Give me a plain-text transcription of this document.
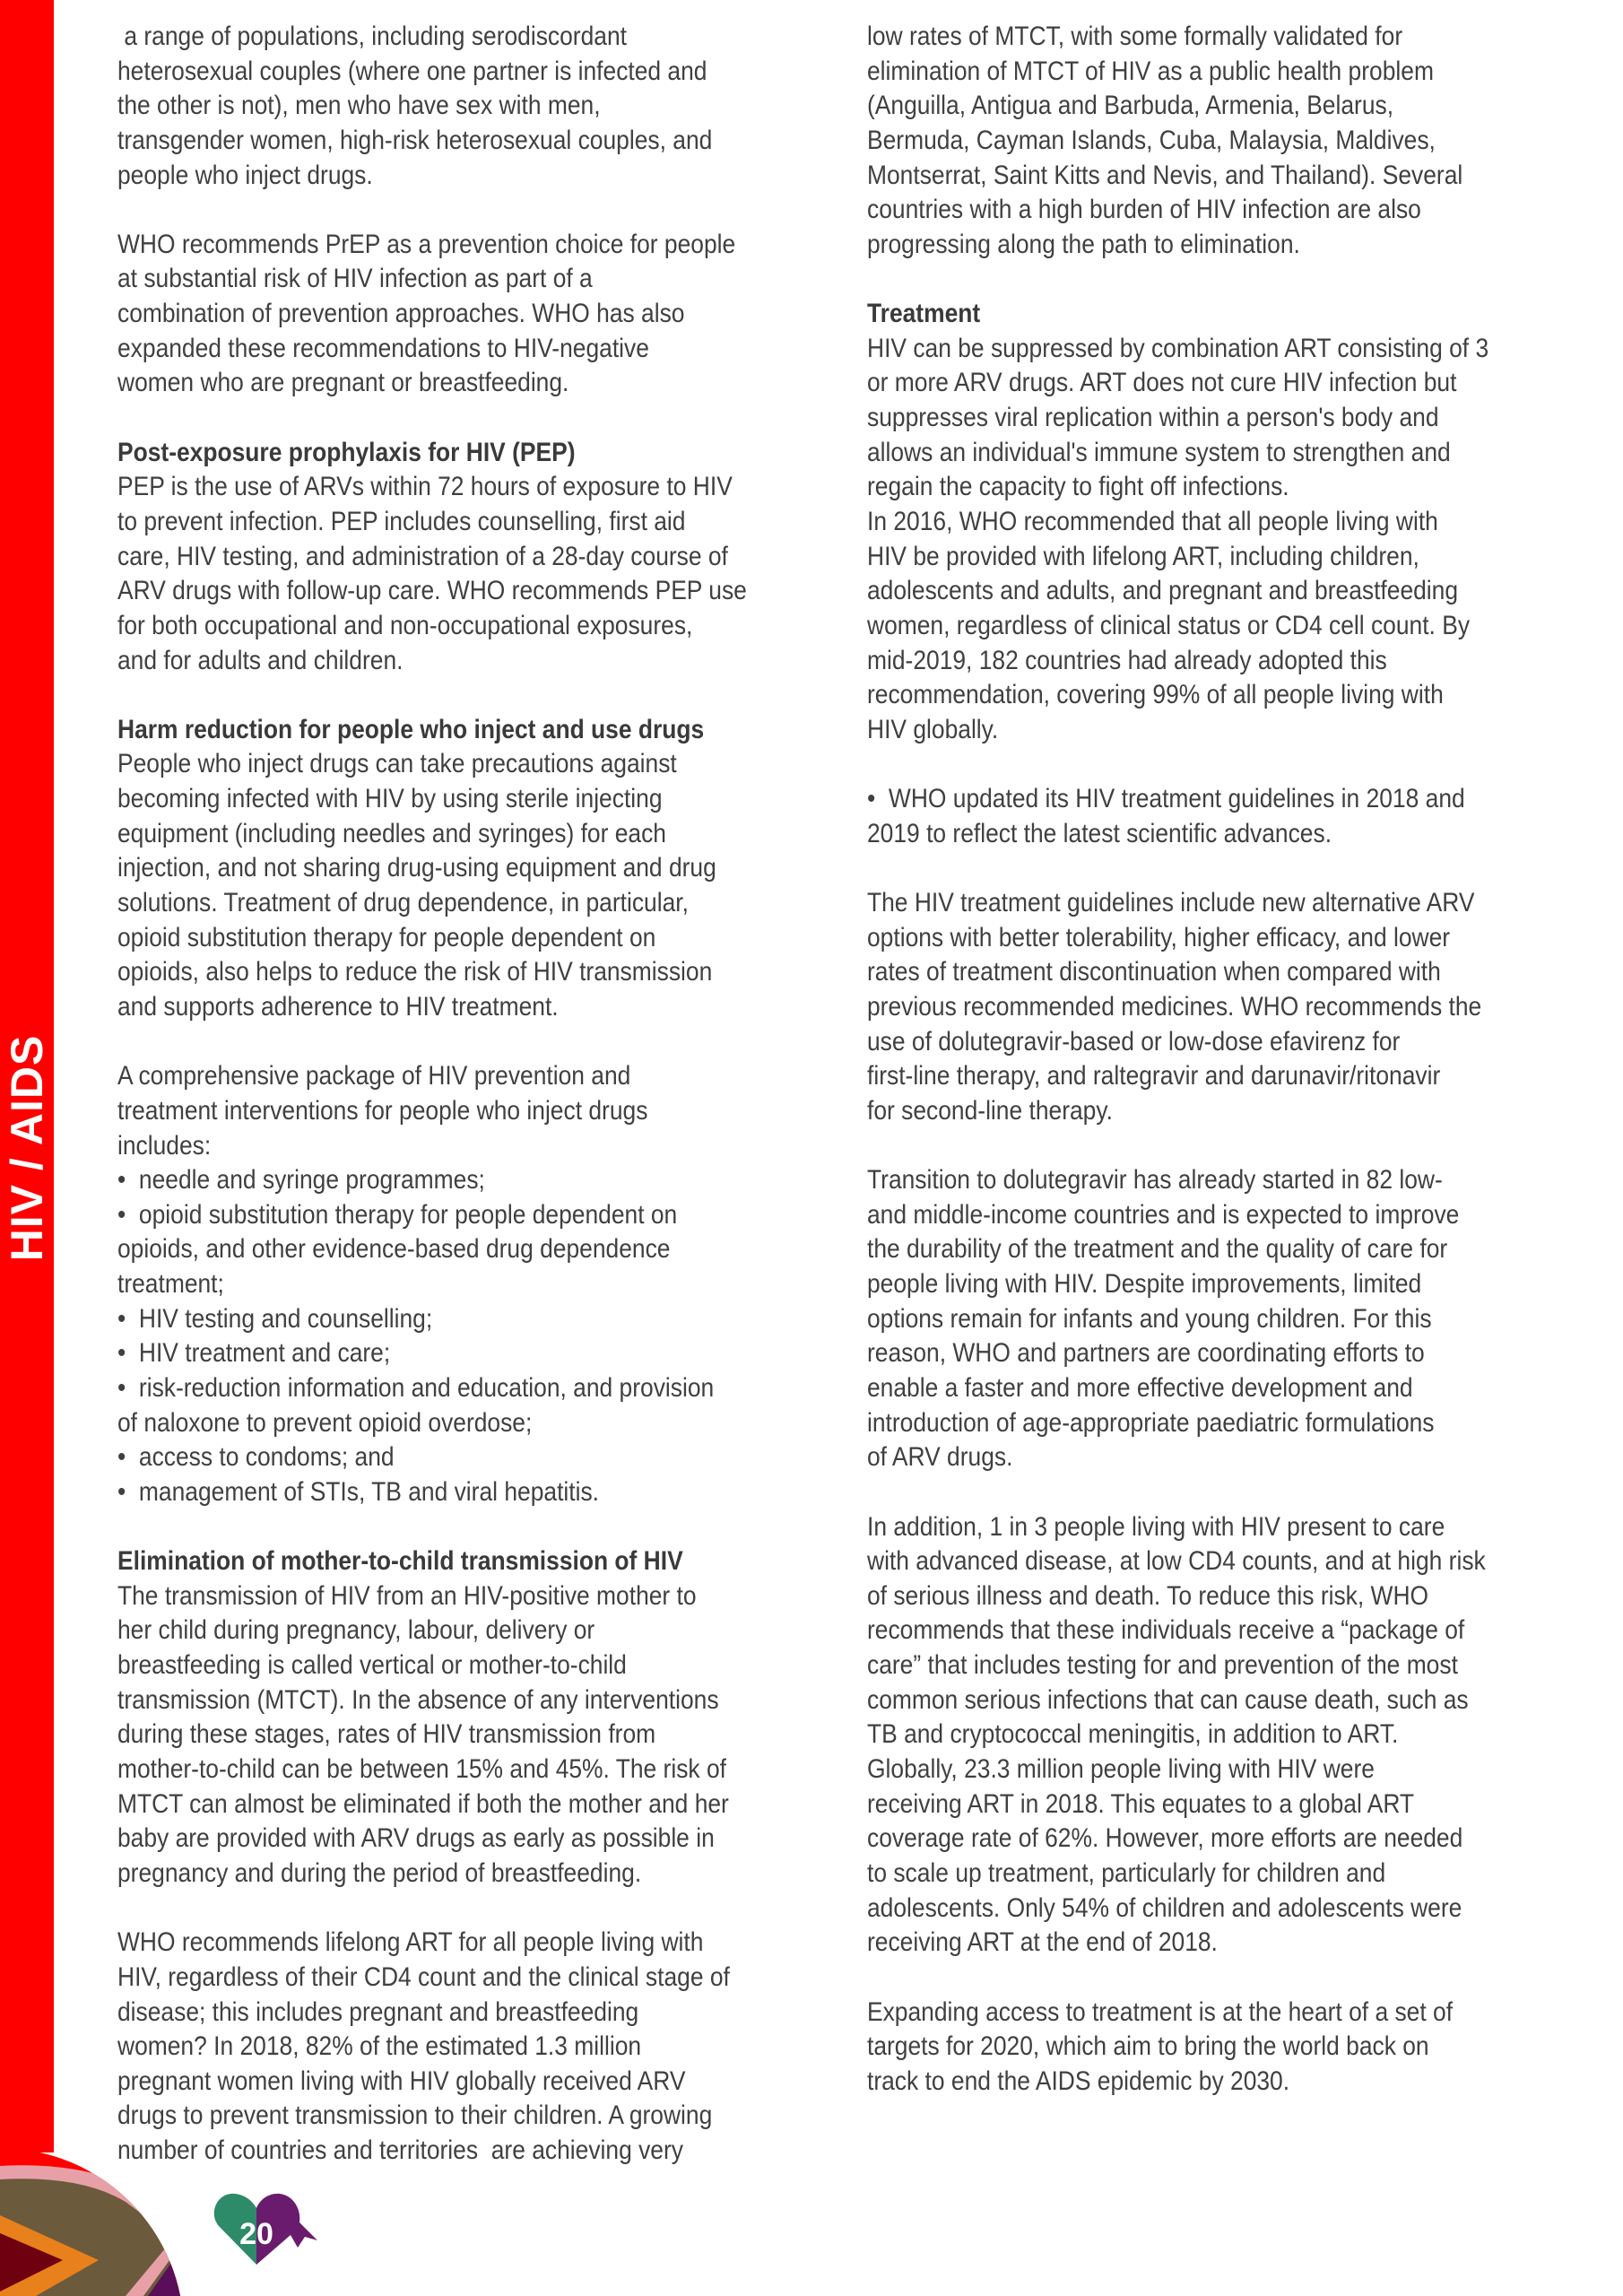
HIV / AIDS
a range of populations, including serodiscordant
heterosexual couples (where one partner is infected and
the other is not), men who have sex with men,
transgender women, high-risk heterosexual couples, and
people who inject drugs.
WHO recommends PrEP as a prevention choice for people
at substantial risk of HIV infection as part of a
combination of prevention approaches. WHO has also
expanded these recommendations to HIV-negative
women who are pregnant or breastfeeding.
Post-exposure prophylaxis for HIV (PEP)
PEP is the use of ARVs within 72 hours of exposure to HIV
to prevent infection. PEP includes counselling, first aid
care, HIV testing, and administration of a 28-day course of
ARV drugs with follow-up care. WHO recommends PEP use
for both occupational and non-occupational exposures,
and for adults and children.
Harm reduction for people who inject and use drugs
People who inject drugs can take precautions against
becoming infected with HIV by using sterile injecting
equipment (including needles and syringes) for each
injection, and not sharing drug-using equipment and drug
solutions. Treatment of drug dependence, in particular,
opioid substitution therapy for people dependent on
opioids, also helps to reduce the risk of HIV transmission
and supports adherence to HIV treatment.
A comprehensive package of HIV prevention and
treatment interventions for people who inject drugs
includes:
•  needle and syringe programmes;
•  opioid substitution therapy for people dependent on
opioids, and other evidence-based drug dependence
treatment;
•  HIV testing and counselling;
•  HIV treatment and care;
•  risk-reduction information and education, and provision
of naloxone to prevent opioid overdose;
•  access to condoms; and
•  management of STIs, TB and viral hepatitis.
Elimination of mother-to-child transmission of HIV
The transmission of HIV from an HIV-positive mother to
her child during pregnancy, labour, delivery or
breastfeeding is called vertical or mother-to-child
transmission (MTCT). In the absence of any interventions
during these stages, rates of HIV transmission from
mother-to-child can be between 15% and 45%. The risk of
MTCT can almost be eliminated if both the mother and her
baby are provided with ARV drugs as early as possible in
pregnancy and during the period of breastfeeding.
WHO recommends lifelong ART for all people living with
HIV, regardless of their CD4 count and the clinical stage of
disease; this includes pregnant and breastfeeding
women? In 2018, 82% of the estimated 1.3 million
pregnant women living with HIV globally received ARV
drugs to prevent transmission to their children. A growing
number of countries and territories  are achieving very
low rates of MTCT, with some formally validated for
elimination of MTCT of HIV as a public health problem
(Anguilla, Antigua and Barbuda, Armenia, Belarus,
Bermuda, Cayman Islands, Cuba, Malaysia, Maldives,
Montserrat, Saint Kitts and Nevis, and Thailand). Several
countries with a high burden of HIV infection are also
progressing along the path to elimination.
Treatment
HIV can be suppressed by combination ART consisting of 3
or more ARV drugs. ART does not cure HIV infection but
suppresses viral replication within a person's body and
allows an individual's immune system to strengthen and
regain the capacity to fight off infections.
In 2016, WHO recommended that all people living with
HIV be provided with lifelong ART, including children,
adolescents and adults, and pregnant and breastfeeding
women, regardless of clinical status or CD4 cell count. By
mid-2019, 182 countries had already adopted this
recommendation, covering 99% of all people living with
HIV globally.
•  WHO updated its HIV treatment guidelines in 2018 and
2019 to reflect the latest scientific advances.
The HIV treatment guidelines include new alternative ARV
options with better tolerability, higher efficacy, and lower
rates of treatment discontinuation when compared with
previous recommended medicines. WHO recommends the
use of dolutegravir-based or low-dose efavirenz for
first-line therapy, and raltegravir and darunavir/ritonavir
for second-line therapy.
Transition to dolutegravir has already started in 82 low-
and middle-income countries and is expected to improve
the durability of the treatment and the quality of care for
people living with HIV. Despite improvements, limited
options remain for infants and young children. For this
reason, WHO and partners are coordinating efforts to
enable a faster and more effective development and
introduction of age-appropriate paediatric formulations
of ARV drugs.
In addition, 1 in 3 people living with HIV present to care
with advanced disease, at low CD4 counts, and at high risk
of serious illness and death. To reduce this risk, WHO
recommends that these individuals receive a “package of
care” that includes testing for and prevention of the most
common serious infections that can cause death, such as
TB and cryptococcal meningitis, in addition to ART.
Globally, 23.3 million people living with HIV were
receiving ART in 2018. This equates to a global ART
coverage rate of 62%. However, more efforts are needed
to scale up treatment, particularly for children and
adolescents. Only 54% of children and adolescents were
receiving ART at the end of 2018.
Expanding access to treatment is at the heart of a set of
targets for 2020, which aim to bring the world back on
track to end the AIDS epidemic by 2030.
20
